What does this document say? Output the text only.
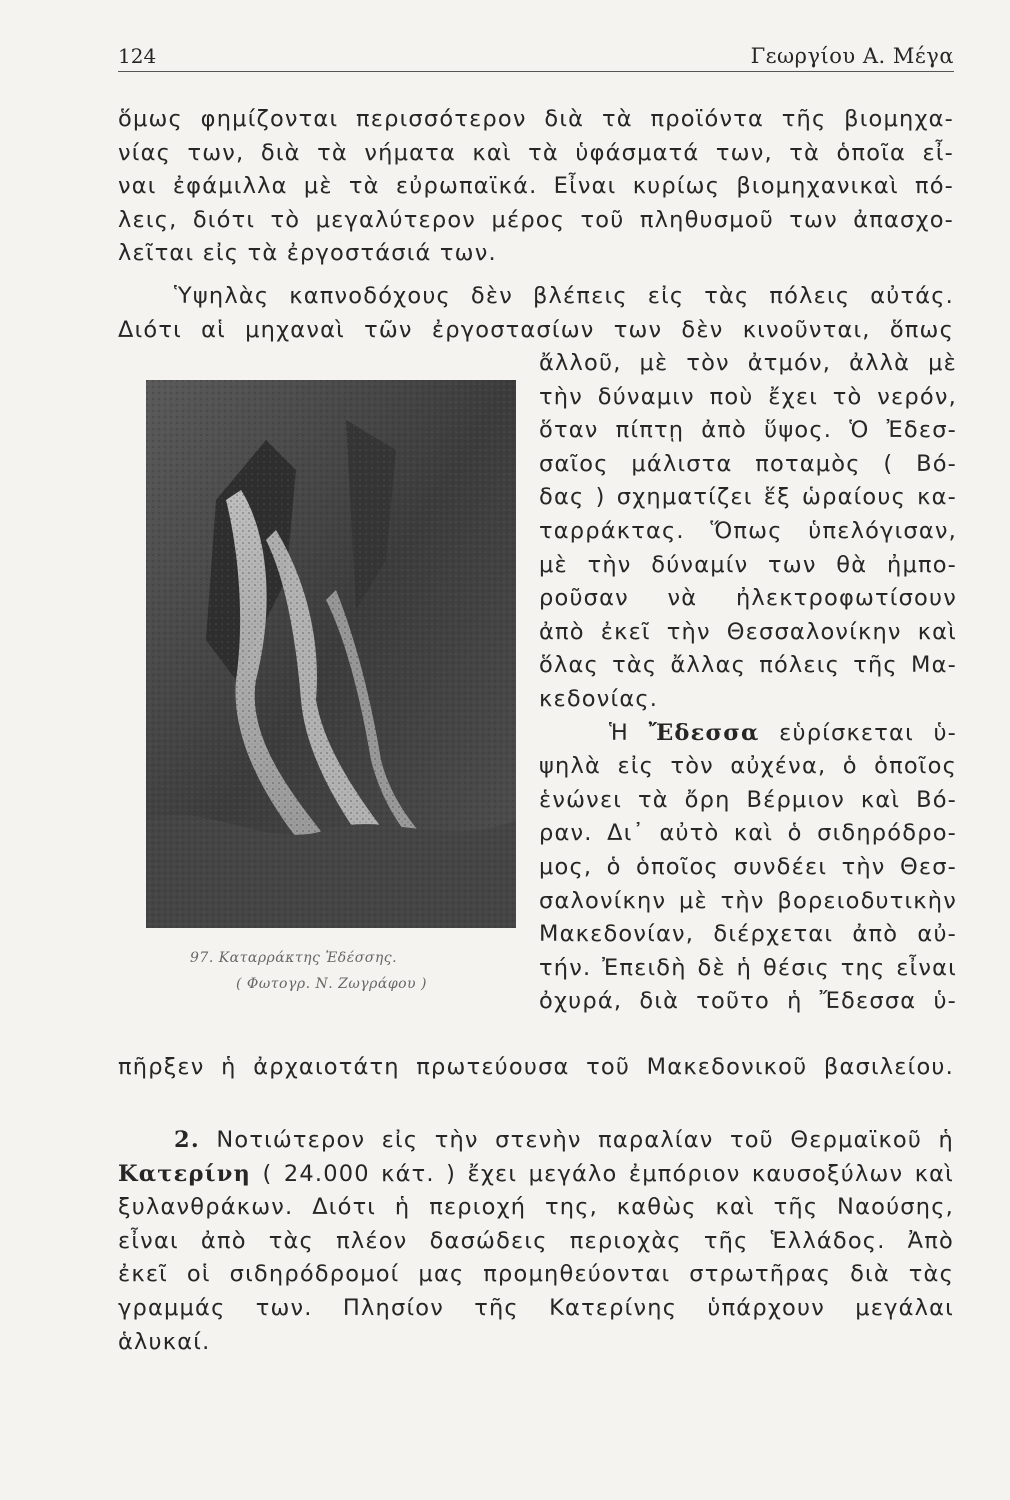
124	Γεωργίου Α. Μέγα
ὅμως φημίζονται περισσότερον διὰ τὰ προϊόντα τῆς βιομηχα-
νίας των, διὰ τὰ νήματα καὶ τὰ ὑφάσματά των, τὰ ὁποῖα εἶ-
ναι ἐφάμιλλα μὲ τὰ εὐρωπαϊκά. Εἶναι κυρίως βιομηχανικαὶ πό-
λεις, διότι τὸ μεγαλύτερον μέρος τοῦ πληθυσμοῦ των ἀπασχο-
λεῖται εἰς τὰ ἐργοστάσιά των.
Ὑψηλὰς καπνοδόχους δὲν βλέπεις εἰς τὰς πόλεις αὐτάς.
Διότι αἱ μηχαναὶ τῶν ἐργοστασίων των δὲν κινοῦνται, ὅπως
ἄλλοῦ, μὲ τὸν ἀτμόν, ἀλλὰ μὲ
τὴν δύναμιν ποὺ ἔχει τὸ νερόν,
ὅταν πίπτῃ ἀπὸ ὕψος. Ὁ Ἐδεσ-
σαῖος μάλιστα ποταμὸς ( Βό-
δας ) σχηματίζει ἕξ ὡραίους κα-
ταρράκτας. Ὅπως ὑπελόγισαν,
μὲ τὴν δύναμίν των θὰ ἠμπο-
ροῦσαν νὰ ἠλεκτροφωτίσουν
ἀπὸ ἐκεῖ τὴν Θεσσαλονίκην καὶ
ὅλας τὰς ἄλλας πόλεις τῆς Μα-
κεδονίας.
Ἡ Ἔδεσσα εὑρίσκεται ὑ-
ψηλὰ εἰς τὸν αὐχένα, ὁ ὁποῖος
ἑνώνει τὰ ὄρη Βέρμιον καὶ Βό-
ραν. Δι᾽ αὐτὸ καὶ ὁ σιδηρόδρο-
μος, ὁ ὁποῖος συνδέει τὴν Θεσ-
σαλονίκην μὲ τὴν βορειοδυτικὴν
Μακεδονίαν, διέρχεται ἀπὸ αὐ-
τήν. Ἐπειδὴ δὲ ἡ θέσις της εἶναι
ὀχυρά, διὰ τοῦτο ἡ Ἔδεσσα ὑ-
97. Καταρράκτης Ἐδέσσης.
( Φωτογρ. Ν. Ζωγράφου )
πῆρξεν ἡ ἀρχαιοτάτη πρωτεύουσα τοῦ Μακεδονικοῦ βασιλείου.
2. Νοτιώτερον εἰς τὴν στενὴν παραλίαν τοῦ Θερμαϊκοῦ ἡ
Κατερίνη ( 24.000 κάτ. ) ἔχει μεγάλο ἐμπόριον καυσοξύλων καὶ
ξυλανθράκων. Διότι ἡ περιοχή της, καθὼς καὶ τῆς Ναούσης,
εἶναι ἀπὸ τὰς πλέον δασώδεις περιοχὰς τῆς Ἑλλάδος. Ἀπὸ
ἐκεῖ οἱ σιδηρόδρομοί μας προμηθεύονται στρωτῆρας διὰ τὰς
γραμμάς των. Πλησίον τῆς Κατερίνης ὑπάρχουν μεγάλαι
ἁλυκαί.
